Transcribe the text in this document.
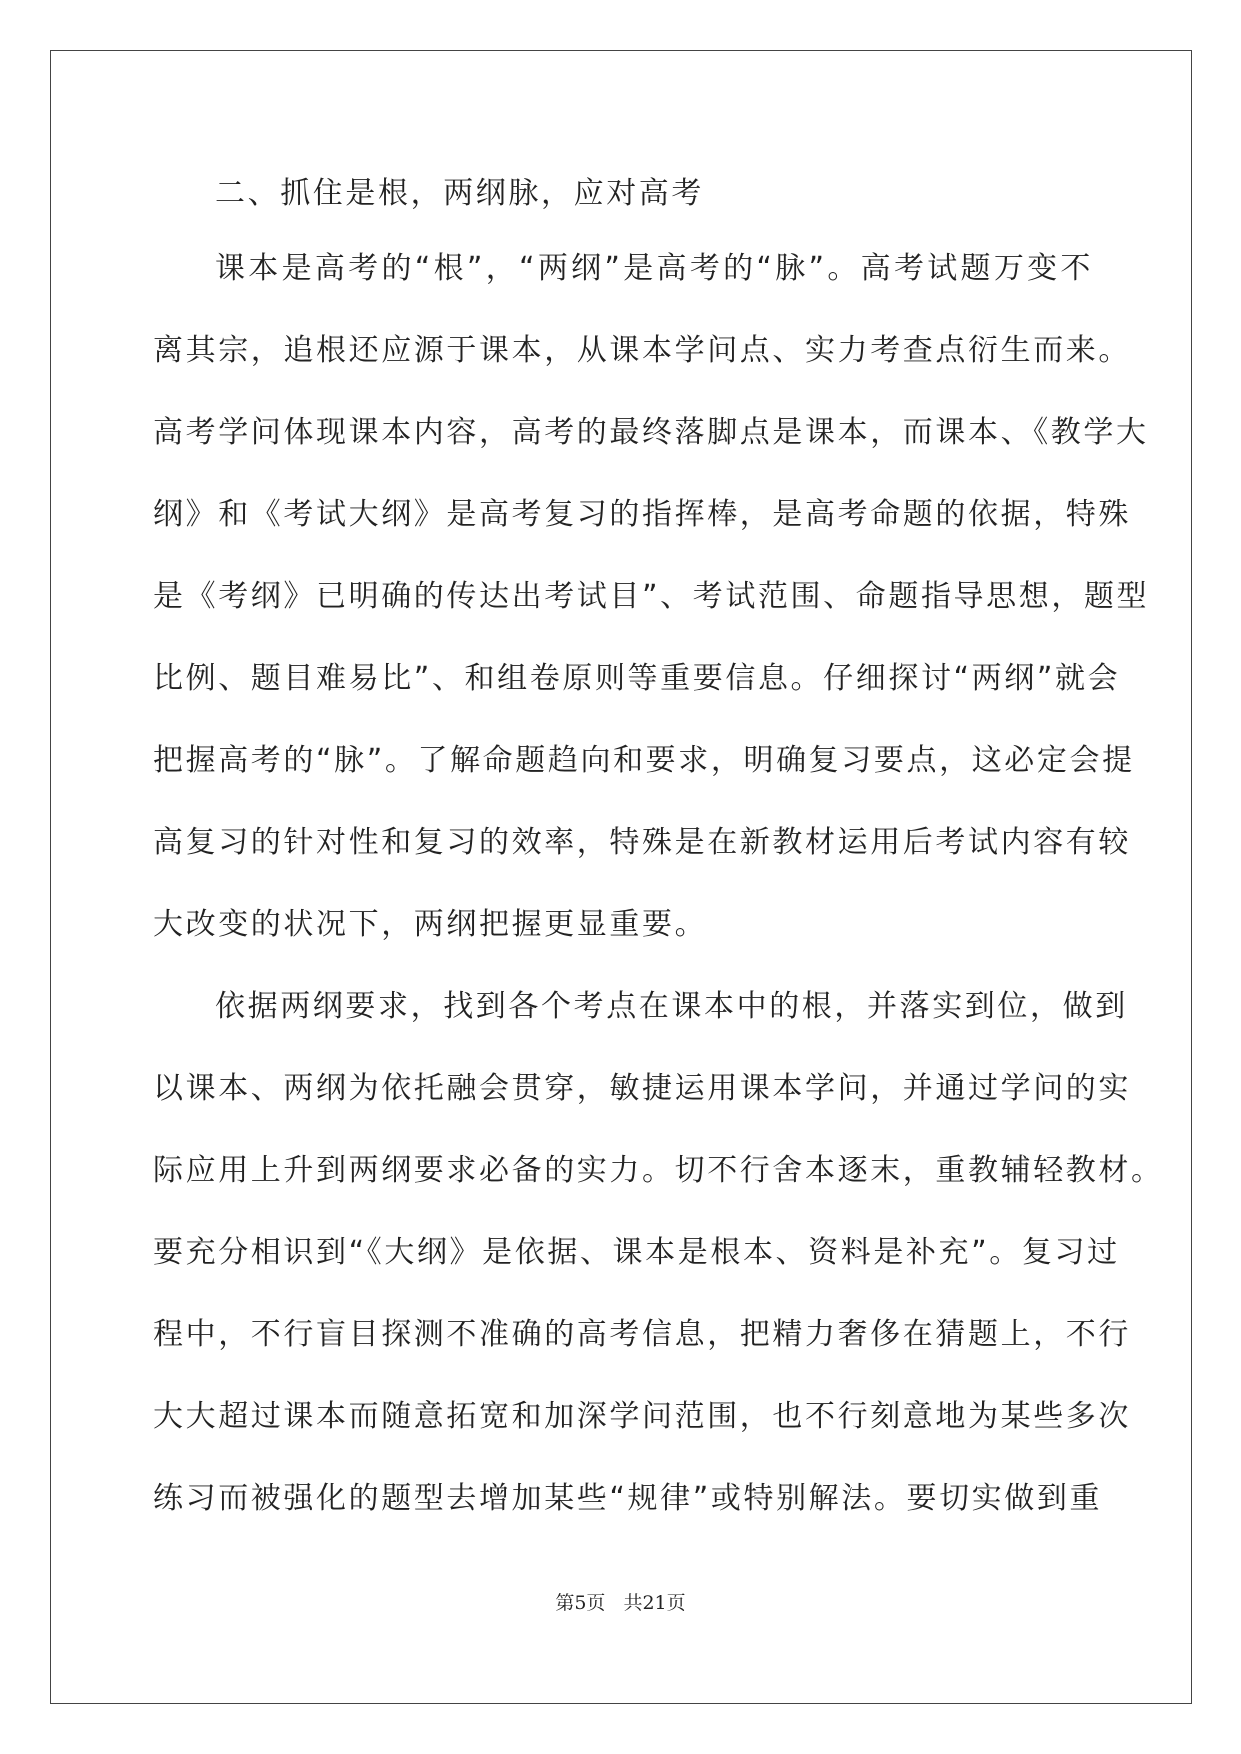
二、抓住是根，两纲脉，应对高考

课本是高考的“根”，“两纲”是高考的“脉”。高考试题万变不
离其宗，追根还应源于课本，从课本学问点、实力考查点衍生而来。
高考学问体现课本内容，高考的最终落脚点是课本，而课本、《教学大
纲》和《考试大纲》是高考复习的指挥棒，是高考命题的依据，特殊
是《考纲》已明确的传达出考试目”、考试范围、命题指导思想，题型
比例、题目难易比”、和组卷原则等重要信息。仔细探讨“两纲”就会
把握高考的“脉”。了解命题趋向和要求，明确复习要点，这必定会提
高复习的针对性和复习的效率，特殊是在新教材运用后考试内容有较
大改变的状况下，两纲把握更显重要。
依据两纲要求，找到各个考点在课本中的根，并落实到位，做到
以课本、两纲为依托融会贯穿，敏捷运用课本学问，并通过学问的实
际应用上升到两纲要求必备的实力。切不行舍本逐末，重教辅轻教材。
要充分相识到“《大纲》是依据、课本是根本、资料是补充”。复习过
程中，不行盲目探测不准确的高考信息，把精力奢侈在猜题上，不行
大大超过课本而随意拓宽和加深学问范围，也不行刻意地为某些多次
练习而被强化的题型去增加某些“规律”或特别解法。要切实做到重
第5页 共21页
